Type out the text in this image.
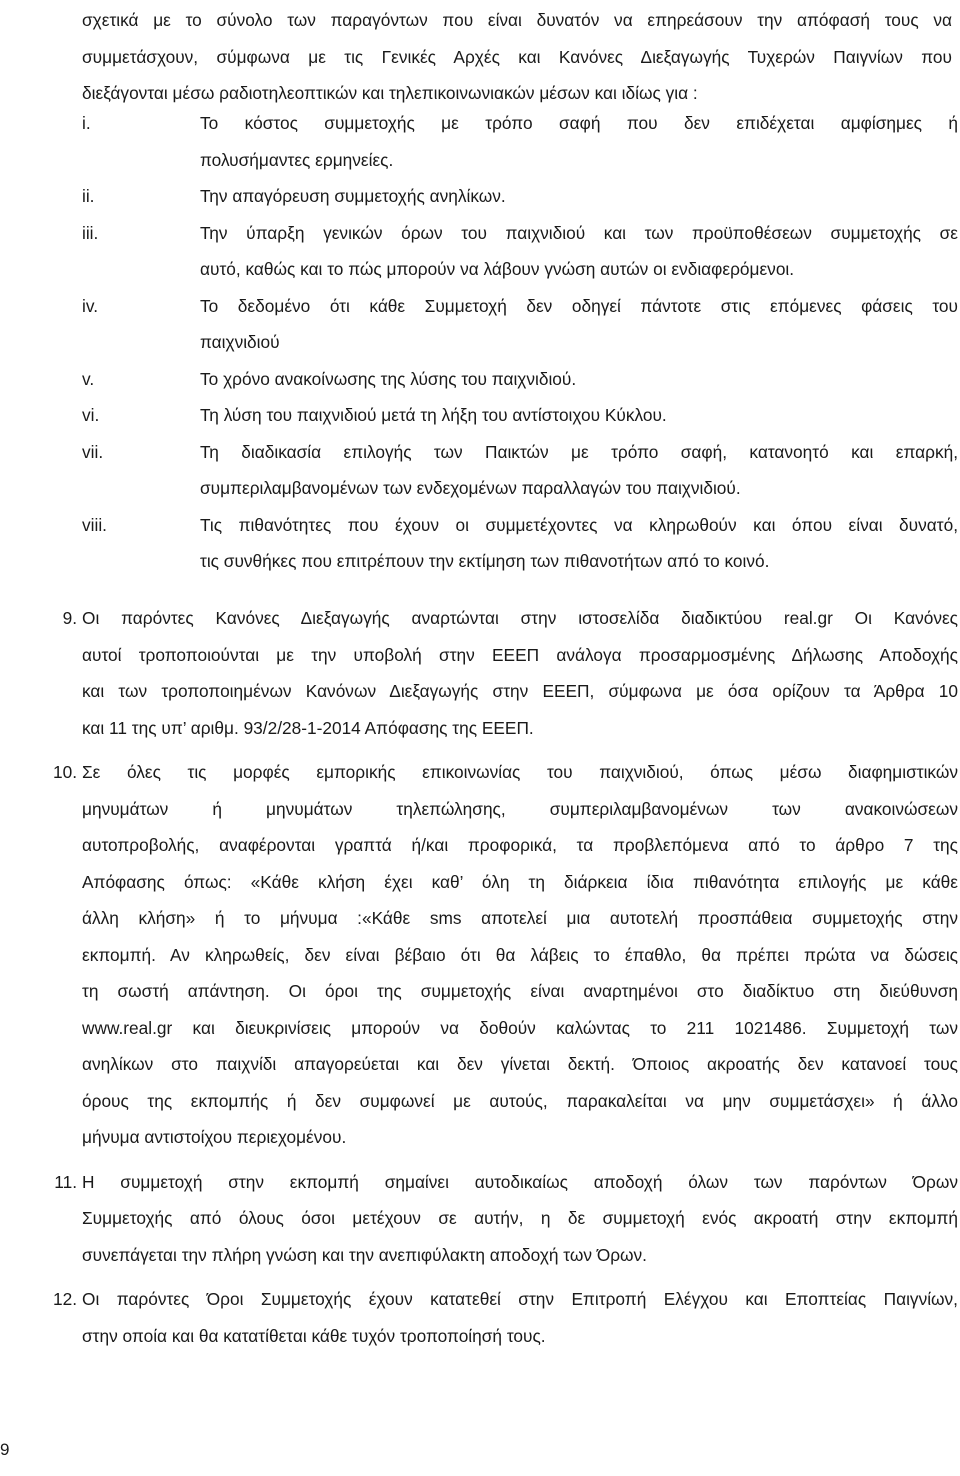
σχετικά με το σύνολο των παραγόντων που είναι δυνατόν να επηρεάσουν την απόφασή τους να
συμμετάσχουν, σύμφωνα με τις Γενικές Αρχές και Κανόνες Διεξαγωγής Τυχερών Παιγνίων που
διεξάγονται μέσω ραδιοτηλεοπτικών και τηλεπικοινωνιακών μέσων και ιδίως για :
i.	Το κόστος συμμετοχής με τρόπο σαφή που δεν επιδέχεται αμφίσημες ή
πολυσήμαντες ερμηνείες.
ii.	Την απαγόρευση συμμετοχής ανηλίκων.
iii.	Την ύπαρξη γενικών όρων του παιχνιδιού και των προϋποθέσεων συμμετοχής σε
αυτό, καθώς και το πώς μπορούν να λάβουν γνώση αυτών οι ενδιαφερόμενοι.
iv.	Το δεδομένο ότι κάθε Συμμετοχή δεν οδηγεί πάντοτε στις επόμενες φάσεις του
παιχνιδιού
v.	Το χρόνο ανακοίνωσης της λύσης του παιχνιδιού.
vi.	Τη λύση του παιχνιδιού μετά τη λήξη του αντίστοιχου Κύκλου.
vii.	Τη διαδικασία επιλογής των Παικτών με τρόπο σαφή, κατανοητό και επαρκή,
συμπεριλαμβανομένων των ενδεχομένων παραλλαγών του παιχνιδιού.
viii.	Τις πιθανότητες που έχουν οι συμμετέχοντες να κληρωθούν και όπου είναι δυνατό,
τις συνθήκες που επιτρέπουν την εκτίμηση των πιθανοτήτων από το κοινό.
9. Οι παρόντες Κανόνες Διεξαγωγής αναρτώνται στην ιστοσελίδα διαδικτύου real.gr Οι Κανόνες
αυτοί τροποποιούνται με την υποβολή στην ΕΕΕΠ ανάλογα προσαρμοσμένης Δήλωσης Αποδοχής
και των τροποποιημένων Κανόνων Διεξαγωγής στην ΕΕΕΠ, σύμφωνα με όσα ορίζουν τα Άρθρα 10
και 11 της υπ’ αριθμ. 93/2/28-1-2014 Απόφασης της ΕΕΕΠ.
10. Σε όλες τις μορφές εμπορικής επικοινωνίας του παιχνιδιού, όπως μέσω διαφημιστικών
μηνυμάτων ή μηνυμάτων τηλεπώλησης, συμπεριλαμβανομένων των ανακοινώσεων
αυτοπροβολής, αναφέρονται γραπτά ή/και προφορικά, τα προβλεπόμενα από το άρθρο 7 της
Απόφασης όπως: «Κάθε κλήση έχει καθ’ όλη τη διάρκεια ίδια πιθανότητα επιλογής με κάθε
άλλη κλήση» ή το μήνυμα :«Κάθε sms αποτελεί μια αυτοτελή προσπάθεια συμμετοχής στην
εκπομπή. Αν κληρωθείς, δεν είναι βέβαιο ότι θα λάβεις το έπαθλο, θα πρέπει πρώτα να δώσεις
τη σωστή απάντηση. Οι όροι της συμμετοχής είναι αναρτημένοι στο διαδίκτυο στη διεύθυνση
www.real.gr και διευκρινίσεις μπορούν να δοθούν καλώντας το 211 1021486. Συμμετοχή των
ανηλίκων στο παιχνίδι απαγορεύεται και δεν γίνεται δεκτή. Όποιος ακροατής δεν κατανοεί τους
όρους της εκπομπής ή δεν συμφωνεί με αυτούς, παρακαλείται να μην συμμετάσχει» ή άλλο
μήνυμα αντιστοίχου περιεχομένου.
11. Η συμμετοχή στην εκπομπή σημαίνει αυτοδικαίως αποδοχή όλων των παρόντων Όρων
Συμμετοχής από όλους όσοι μετέχουν σε αυτήν, η δε συμμετοχή ενός ακροατή στην εκπομπή
συνεπάγεται την πλήρη γνώση και την ανεπιφύλακτη αποδοχή των Όρων.
12. Οι παρόντες Όροι Συμμετοχής έχουν κατατεθεί στην Επιτροπή Ελέγχου και Εποπτείας Παιγνίων,
στην οποία και θα κατατίθεται κάθε τυχόν τροποποίησή τους.
9
